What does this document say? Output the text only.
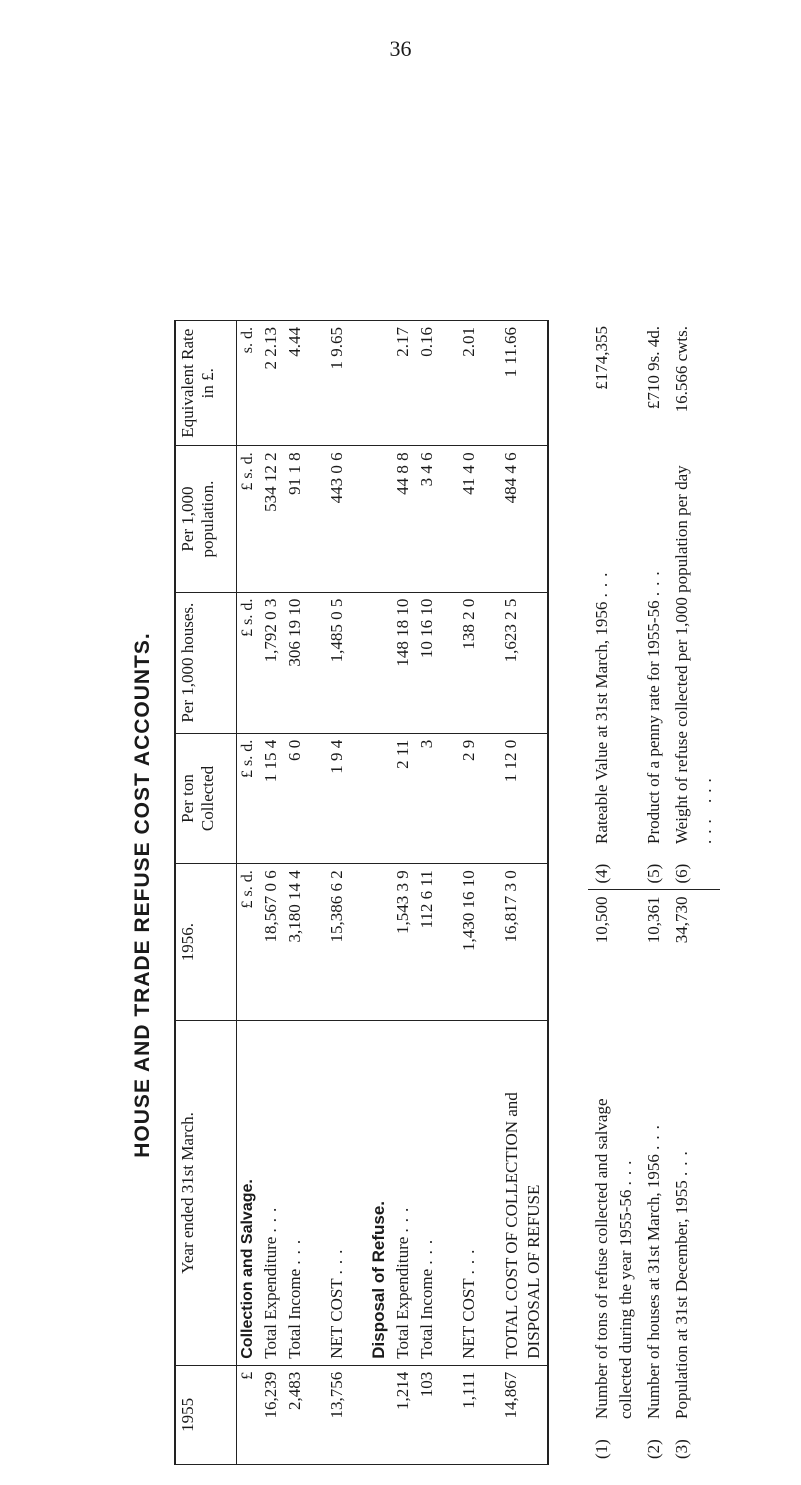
36
HOUSE AND TRADE REFUSE COST ACCOUNTS.
1955	Year ended 31st March.	1956.	Per ton Collected	Per 1,000 houses.	Per 1,000 population.	Equivalent Rate in £.
£	Collection and Salvage.	£ s. d.	£ s. d.	£ s. d.	£ s. d.	s. d.
16,239	Total Expenditure ...	18,567 0 6	1 15 4	1,792 0 3	534 12 2	2 2.13
2,483	Total Income ...	3,180 14 4	6 0	306 19 10	91 1 8	4.44

13,756	NET COST ...	15,386 6 2	1 9 4	1,485 0 5	443 0 6	1 9.65

	Disposal of Refuse.					
1,214	Total Expenditure ...	1,543 3 9	2 11	148 18 10	44 8 8	2.17
103	Total Income ...	112 6 11	3	10 16 10	3 4 6	0.16

1,111	NET COST ...	1,430 16 10	2 9	138 2 0	41 4 0	2.01

14,867	TOTAL COST OF COLLECTION and DISPOSAL OF REFUSE	16,817 3 0	1 12 0	1,623 2 5	484 4 6	1 11.66
(1)	Number of tons of refuse collected and salvage collected during the year 1955-56 ...	10,500	(4)	Rateable Value at 31st March, 1956 ...	£174,355
(2)	Number of houses at 31st March, 1956 ...	10,361	(5)	Product of a penny rate for 1955-56 ...	£710 9s. 4d.
(3)	Population at 31st December, 1955 ...	34,730	(6)	Weight of refuse collected per 1,000 population per day ... ...	16.566 cwts.
